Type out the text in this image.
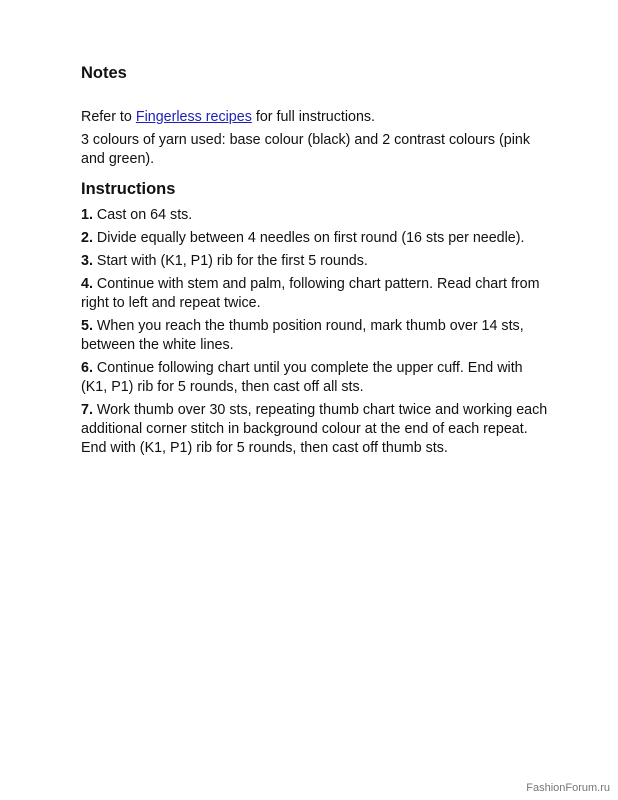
Notes

Refer to Fingerless recipes for full instructions.

3 colours of yarn used: base colour (black) and 2 contrast colours (pink and green).

Instructions

1. Cast on 64 sts.

2. Divide equally between 4 needles on first round (16 sts per needle).

3. Start with (K1, P1) rib for the first 5 rounds.

4. Continue with stem and palm, following chart pattern. Read chart from right to left and repeat twice.

5. When you reach the thumb position round, mark thumb over 14 sts, between the white lines.

6. Continue following chart until you complete the upper cuff. End with (K1, P1) rib for 5 rounds, then cast off all sts.

7. Work thumb over 30 sts, repeating thumb chart twice and working each additional corner stitch in background colour at the end of each repeat. End with (K1, P1) rib for 5 rounds, then cast off thumb sts.

FashionForum.ru
